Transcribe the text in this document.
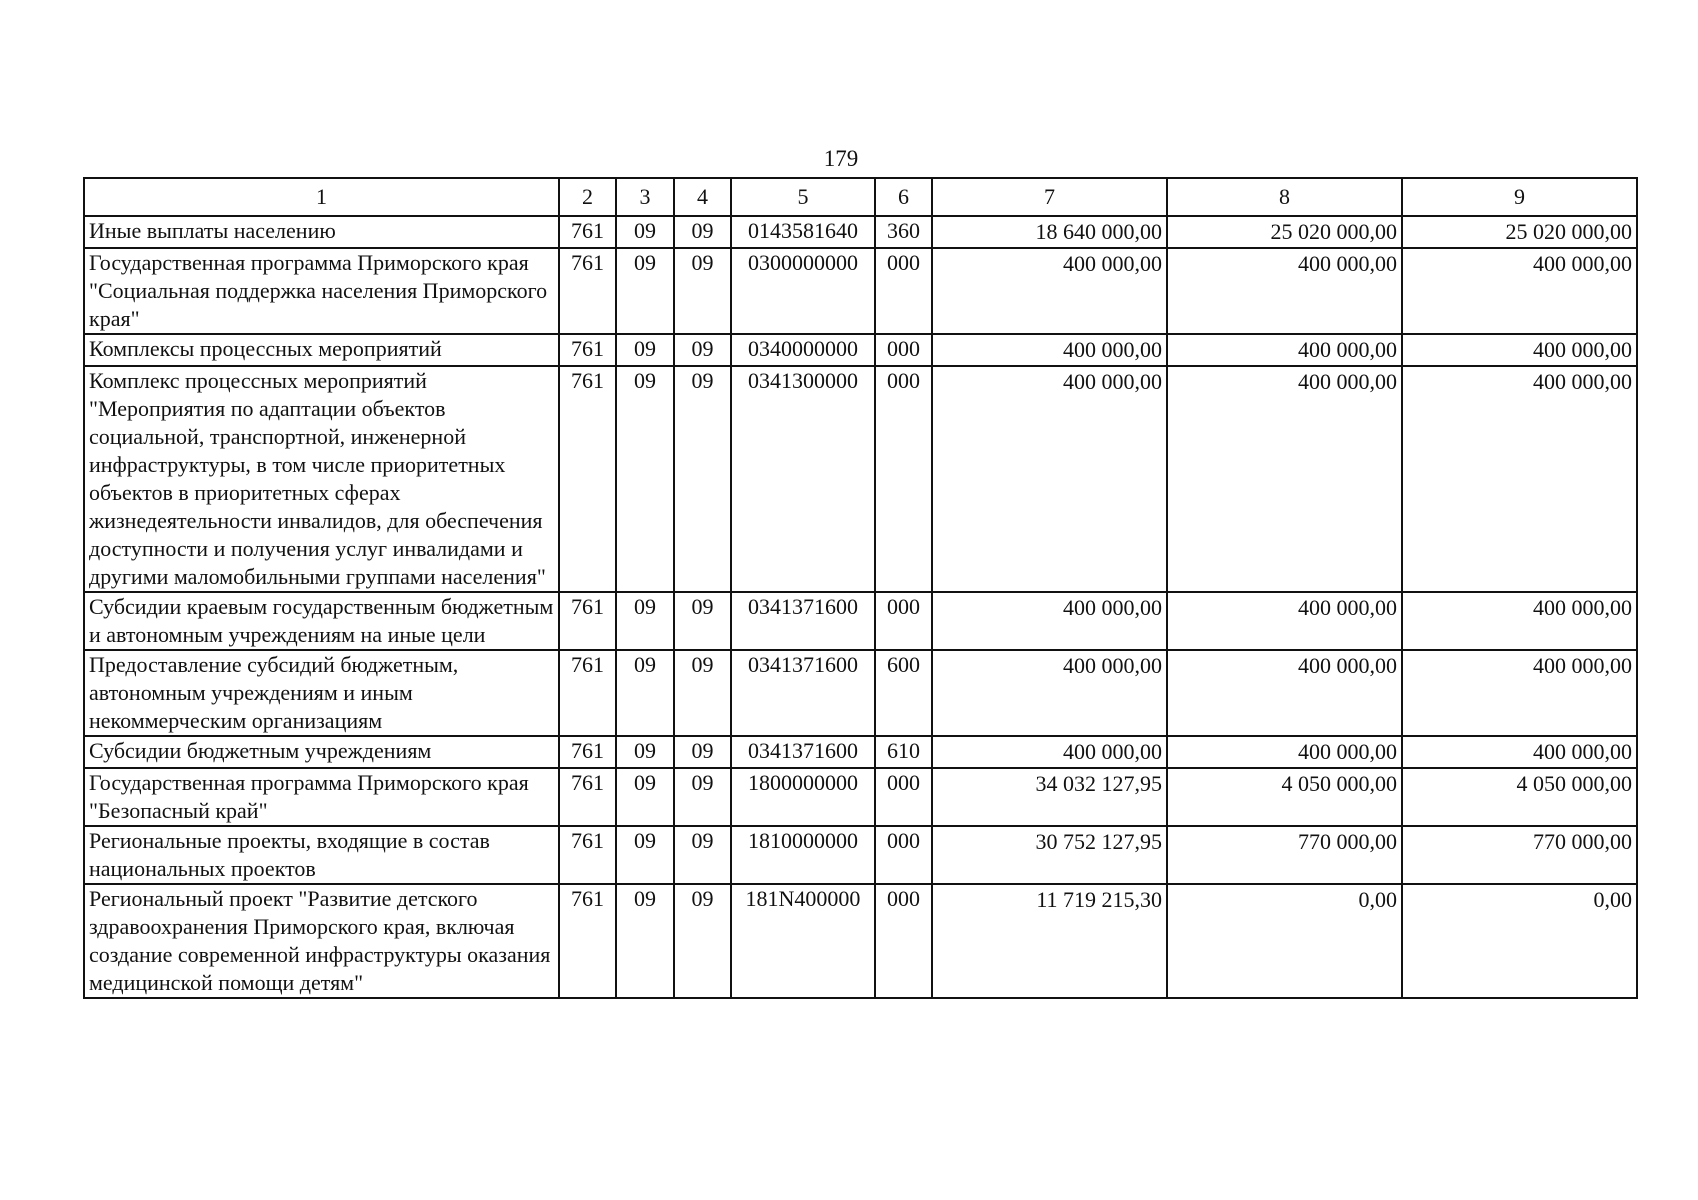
179
1	2	3	4	5	6	7	8	9
Иные выплаты населению	761	09	09	0143581640	360	18 640 000,00	25 020 000,00	25 020 000,00
Государственная программа Приморского края "Социальная поддержка населения Приморского края"	761	09	09	0300000000	000	400 000,00	400 000,00	400 000,00
Комплексы процессных мероприятий	761	09	09	0340000000	000	400 000,00	400 000,00	400 000,00
Комплекс процессных мероприятий "Мероприятия по адаптации объектов социальной, транспортной, инженерной инфраструктуры, в том числе приоритетных объектов в приоритетных сферах жизнедеятельности инвалидов, для обеспечения доступности и получения услуг инвалидами и другими маломобильными группами населения"	761	09	09	0341300000	000	400 000,00	400 000,00	400 000,00
Субсидии краевым государственным бюджетным и автономным учреждениям на иные цели	761	09	09	0341371600	000	400 000,00	400 000,00	400 000,00
Предоставление субсидий бюджетным, автономным учреждениям и иным некоммерческим организациям	761	09	09	0341371600	600	400 000,00	400 000,00	400 000,00
Субсидии бюджетным учреждениям	761	09	09	0341371600	610	400 000,00	400 000,00	400 000,00
Государственная программа Приморского края "Безопасный край"	761	09	09	1800000000	000	34 032 127,95	4 050 000,00	4 050 000,00
Региональные проекты, входящие в состав национальных проектов	761	09	09	1810000000	000	30 752 127,95	770 000,00	770 000,00
Региональный проект "Развитие детского здравоохранения Приморского края, включая создание современной инфраструктуры оказания медицинской помощи детям"	761	09	09	181N400000	000	11 719 215,30	0,00	0,00
